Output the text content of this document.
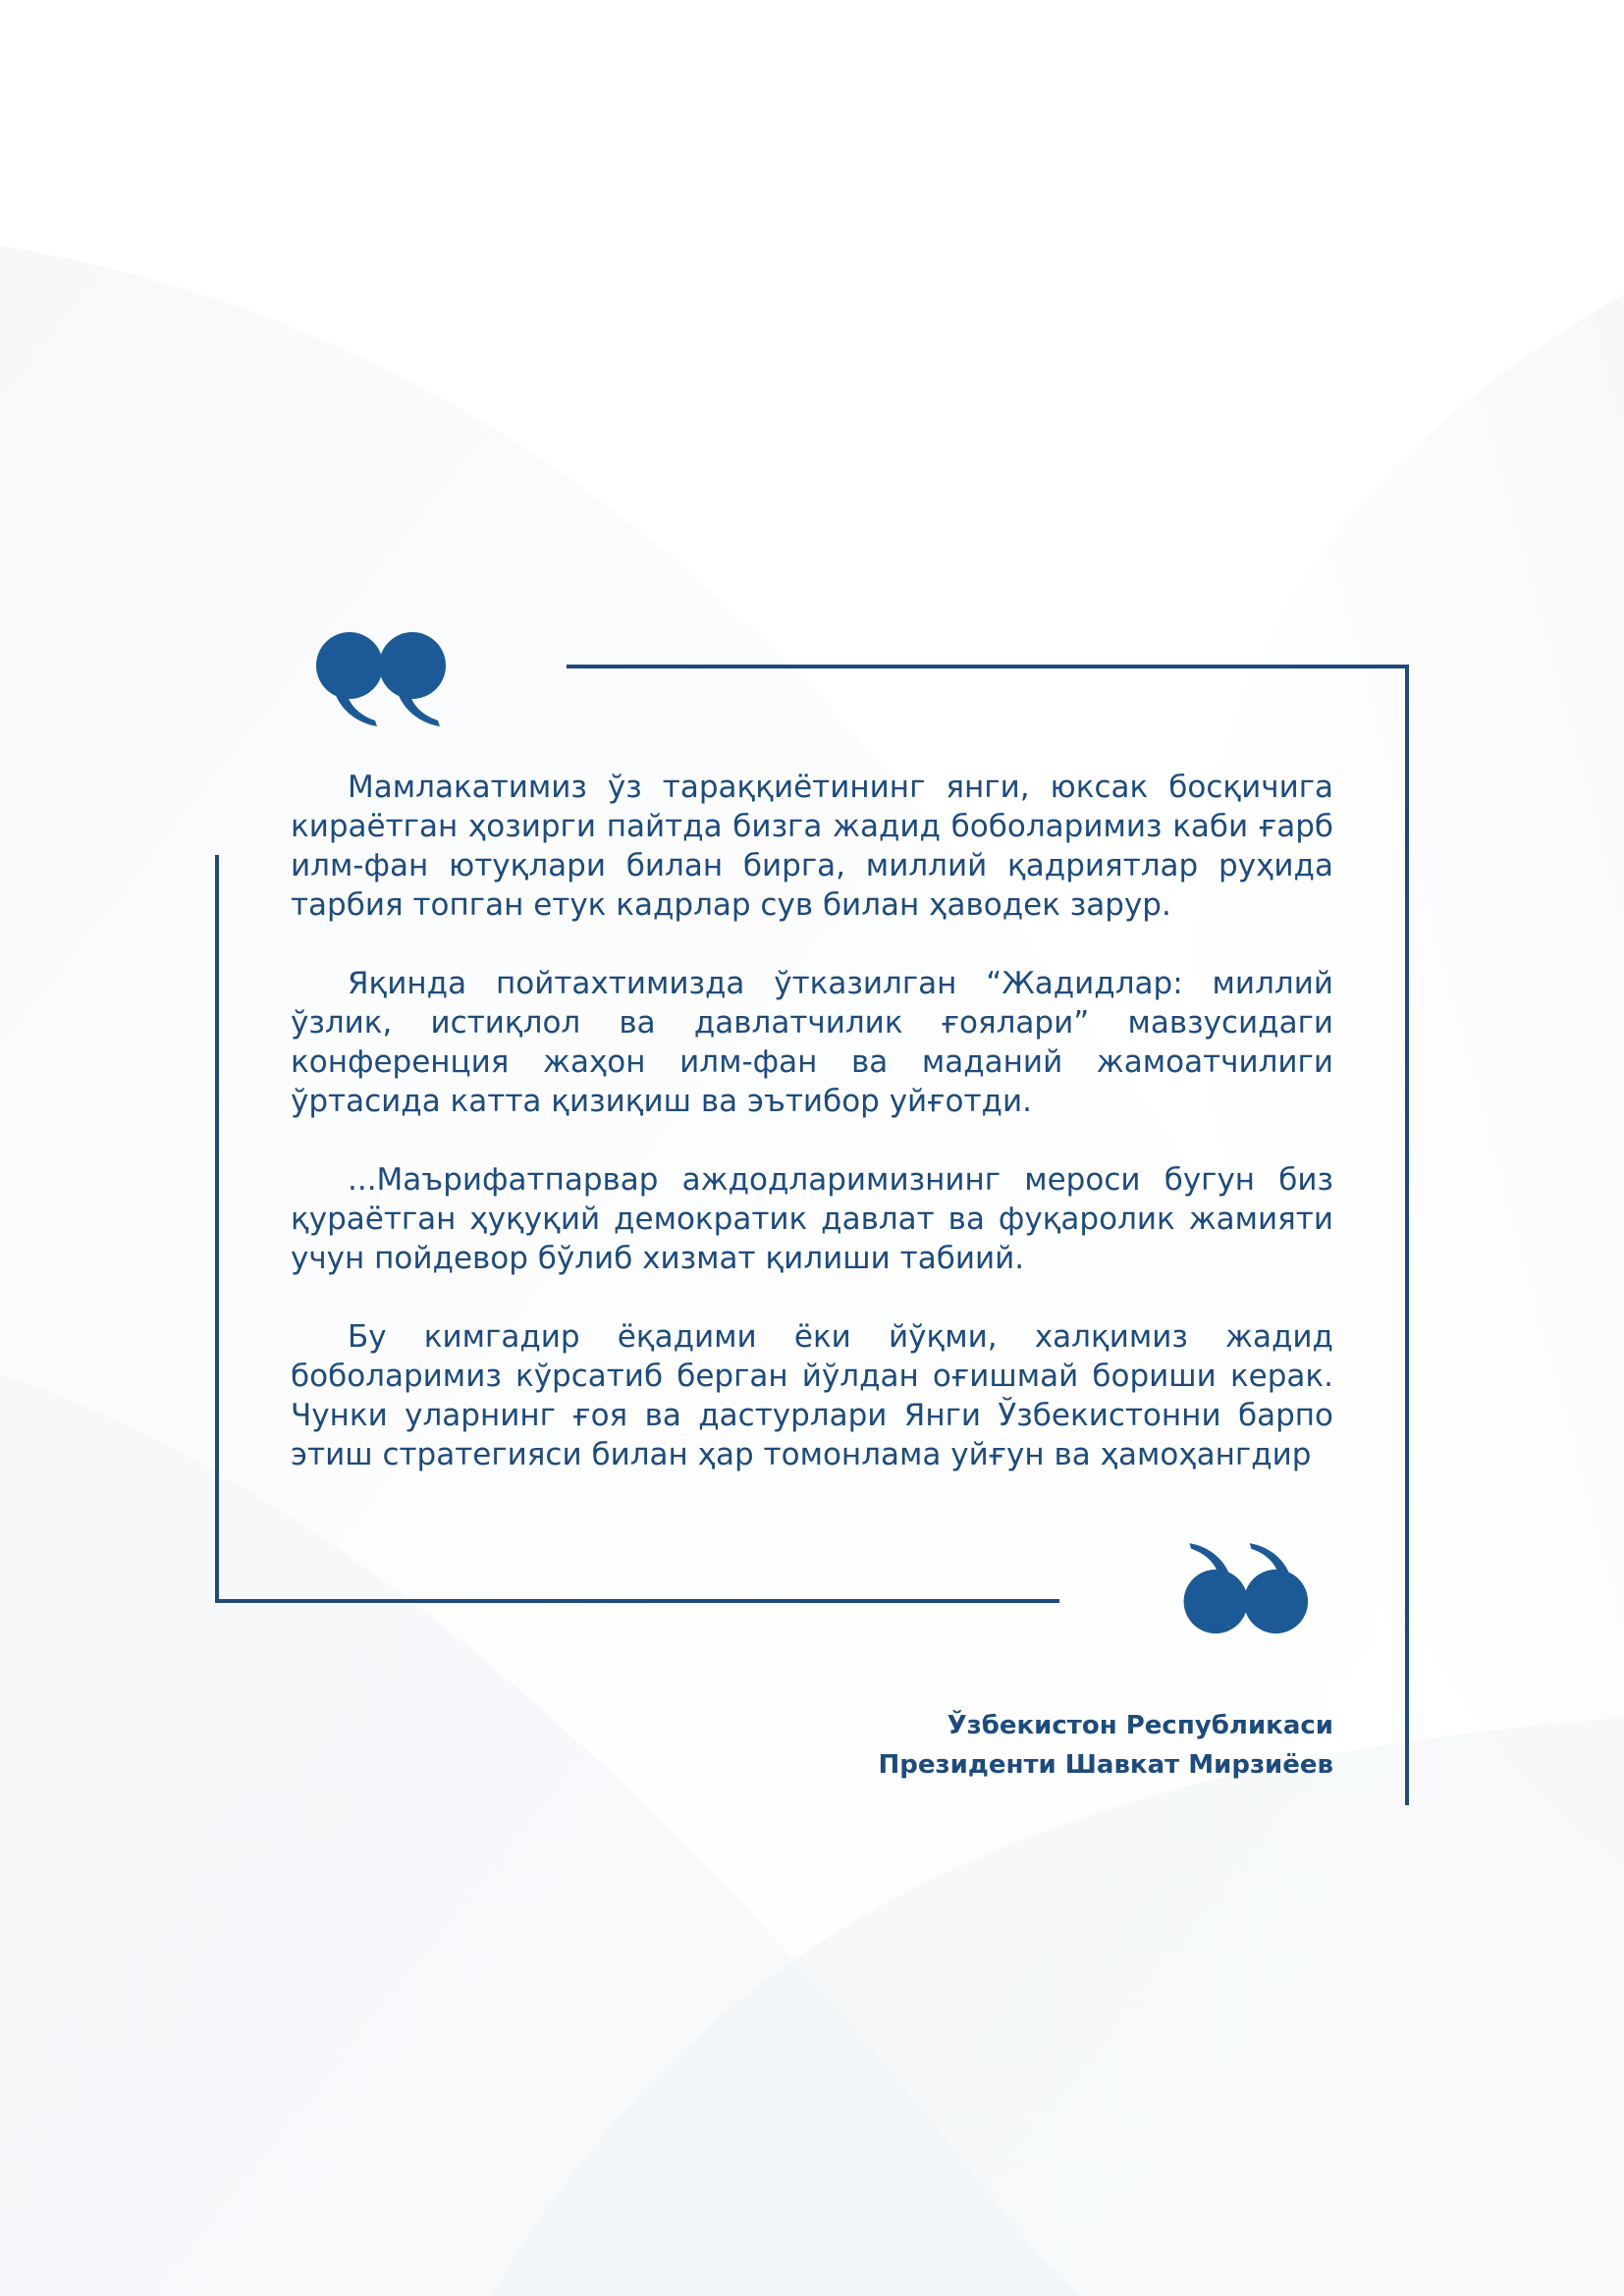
Мамлакатимиз ўз тараққиётининг янги, юксак босқичига кираётган ҳозирги пайтда бизга жадид боболаримиз каби ғарб илм-фан ютуқлари билан бирга, миллий қадриятлар руҳида тарбия топган етук кадрлар сув билан ҳаводек зарур.

Яқинда пойтахтимизда ўтказилган “Жадидлар: миллий ўзлик, истиқлол ва давлатчилик ғоялари” мавзусидаги конференция жаҳон илм-фан ва маданий жамоатчилиги ўртасида катта қизиқиш ва эътибор уйғотди.

...Маърифатпарвар аждодларимизнинг мероси бугун биз қураётган ҳуқуқий демократик давлат ва фуқаролик жамияти учун пойдевор бўлиб хизмат қилиши табиий.

Бу кимгадир ёқадими ёки йўқми, халқимиз жадид боболаримиз кўрсатиб берган йўлдан оғишмай бориши керак. Чунки уларнинг ғоя ва дастурлари Янги Ўзбекистонни барпо этиш стратегияси билан ҳар томонлама уйғун ва ҳамоҳангдир

Ўзбекистон Республикаси
Президенти Шавкат Мирзиёев
